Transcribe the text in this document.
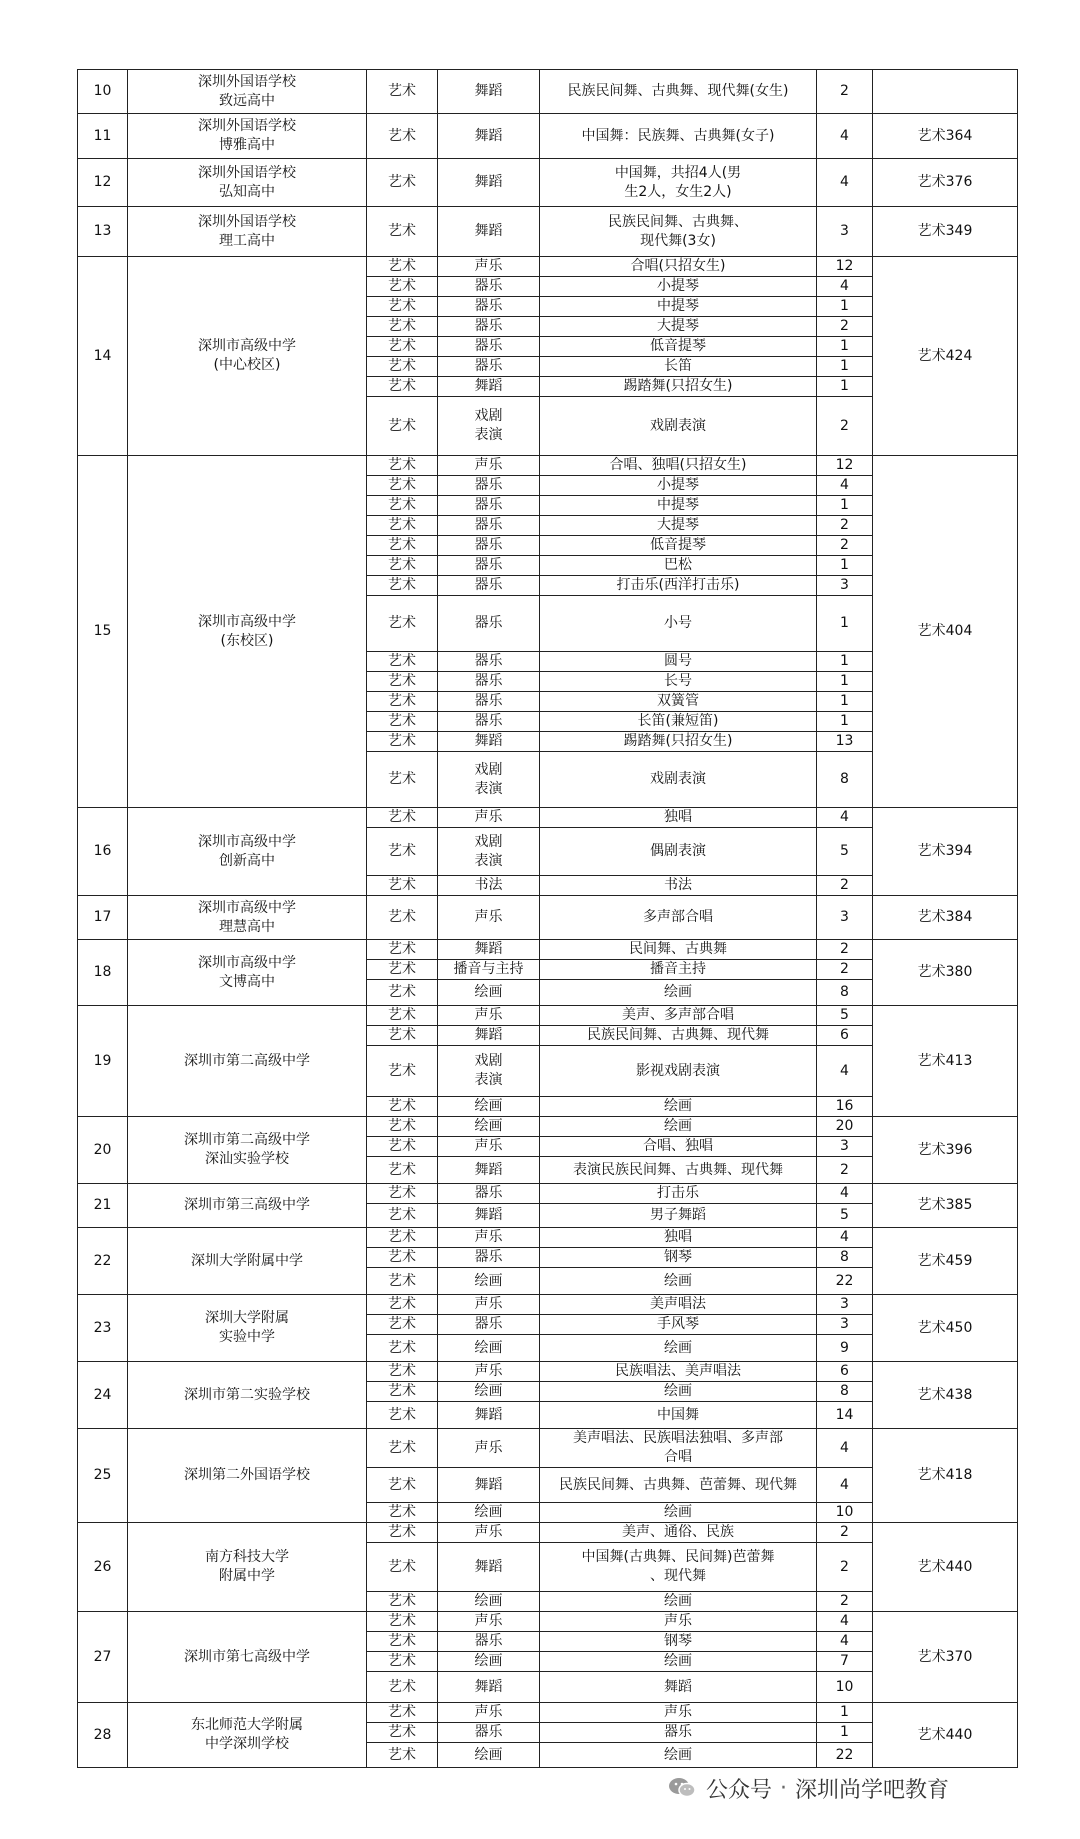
10	深圳外国语学校
致远高中	艺术	舞蹈	民族民间舞、古典舞、现代舞(女生)	2	
11	深圳外国语学校
博雅高中	艺术	舞蹈	中国舞：民族舞、古典舞(女子)	4	艺术364
12	深圳外国语学校
弘知高中	艺术	舞蹈	中国舞，共招4人(男
生2人，女生2人)	4	艺术376
13	深圳外国语学校
理工高中	艺术	舞蹈	民族民间舞、古典舞、
现代舞(3女)	3	艺术349
14	深圳市高级中学
(中心校区)	艺术	声乐	合唱(只招女生)	12	艺术424
		艺术	器乐	小提琴	4	
		艺术	器乐	中提琴	1	
		艺术	器乐	大提琴	2	
		艺术	器乐	低音提琴	1	
		艺术	器乐	长笛	1	
		艺术	舞蹈	踢踏舞(只招女生)	1	
		艺术	戏剧
表演	戏剧表演	2	
15	深圳市高级中学
(东校区)	艺术	声乐	合唱、独唱(只招女生)	12	艺术404
		艺术	器乐	小提琴	4	
		艺术	器乐	中提琴	1	
		艺术	器乐	大提琴	2	
		艺术	器乐	低音提琴	2	
		艺术	器乐	巴松	1	
		艺术	器乐	打击乐(西洋打击乐)	3	
		艺术	器乐	小号	1	
		艺术	器乐	圆号	1	
		艺术	器乐	长号	1	
		艺术	器乐	双簧管	1	
		艺术	器乐	长笛(兼短笛)	1	
		艺术	舞蹈	踢踏舞(只招女生)	13	
		艺术	戏剧
表演	戏剧表演	8	
16	深圳市高级中学
创新高中	艺术	声乐	独唱	4	艺术394
		艺术	戏剧
表演	偶剧表演	5	
		艺术	书法	书法	2	
17	深圳市高级中学
理慧高中	艺术	声乐	多声部合唱	3	艺术384
18	深圳市高级中学
文博高中	艺术	舞蹈	民间舞、古典舞	2	艺术380
		艺术	播音与主持	播音主持	2	
		艺术	绘画	绘画	8	
19	深圳市第二高级中学	艺术	声乐	美声、多声部合唱	5	艺术413
		艺术	舞蹈	民族民间舞、古典舞、现代舞	6	
		艺术	戏剧
表演	影视戏剧表演	4	
		艺术	绘画	绘画	16	
20	深圳市第二高级中学
深汕实验学校	艺术	绘画	绘画	20	艺术396
		艺术	声乐	合唱、独唱	3	
		艺术	舞蹈	表演民族民间舞、古典舞、现代舞	2	
21	深圳市第三高级中学	艺术	器乐	打击乐	4	艺术385
		艺术	舞蹈	男子舞蹈	5	
22	深圳大学附属中学	艺术	声乐	独唱	4	艺术459
		艺术	器乐	钢琴	8	
		艺术	绘画	绘画	22	
23	深圳大学附属
实验中学	艺术	声乐	美声唱法	3	艺术450
		艺术	器乐	手风琴	3	
		艺术	绘画	绘画	9	
24	深圳市第二实验学校	艺术	声乐	民族唱法、美声唱法	6	艺术438
		艺术	绘画	绘画	8	
		艺术	舞蹈	中国舞	14	
25	深圳第二外国语学校	艺术	声乐	美声唱法、民族唱法独唱、多声部
合唱	4	艺术418
		艺术	舞蹈	民族民间舞、古典舞、芭蕾舞、现代舞	4	
		艺术	绘画	绘画	10	
26	南方科技大学
附属中学	艺术	声乐	美声、通俗、民族	2	艺术440
		艺术	舞蹈	中国舞(古典舞、民间舞)芭蕾舞
、现代舞	2	
		艺术	绘画	绘画	2	
27	深圳市第七高级中学	艺术	声乐	声乐	4	艺术370
		艺术	器乐	钢琴	4	
		艺术	绘画	绘画	7	
		艺术	舞蹈	舞蹈	10	
28	东北师范大学附属
中学深圳学校	艺术	声乐	声乐	1	艺术440
		艺术	器乐	器乐	1	
		艺术	绘画	绘画	22	
公众号 · 深圳尚学吧教育
